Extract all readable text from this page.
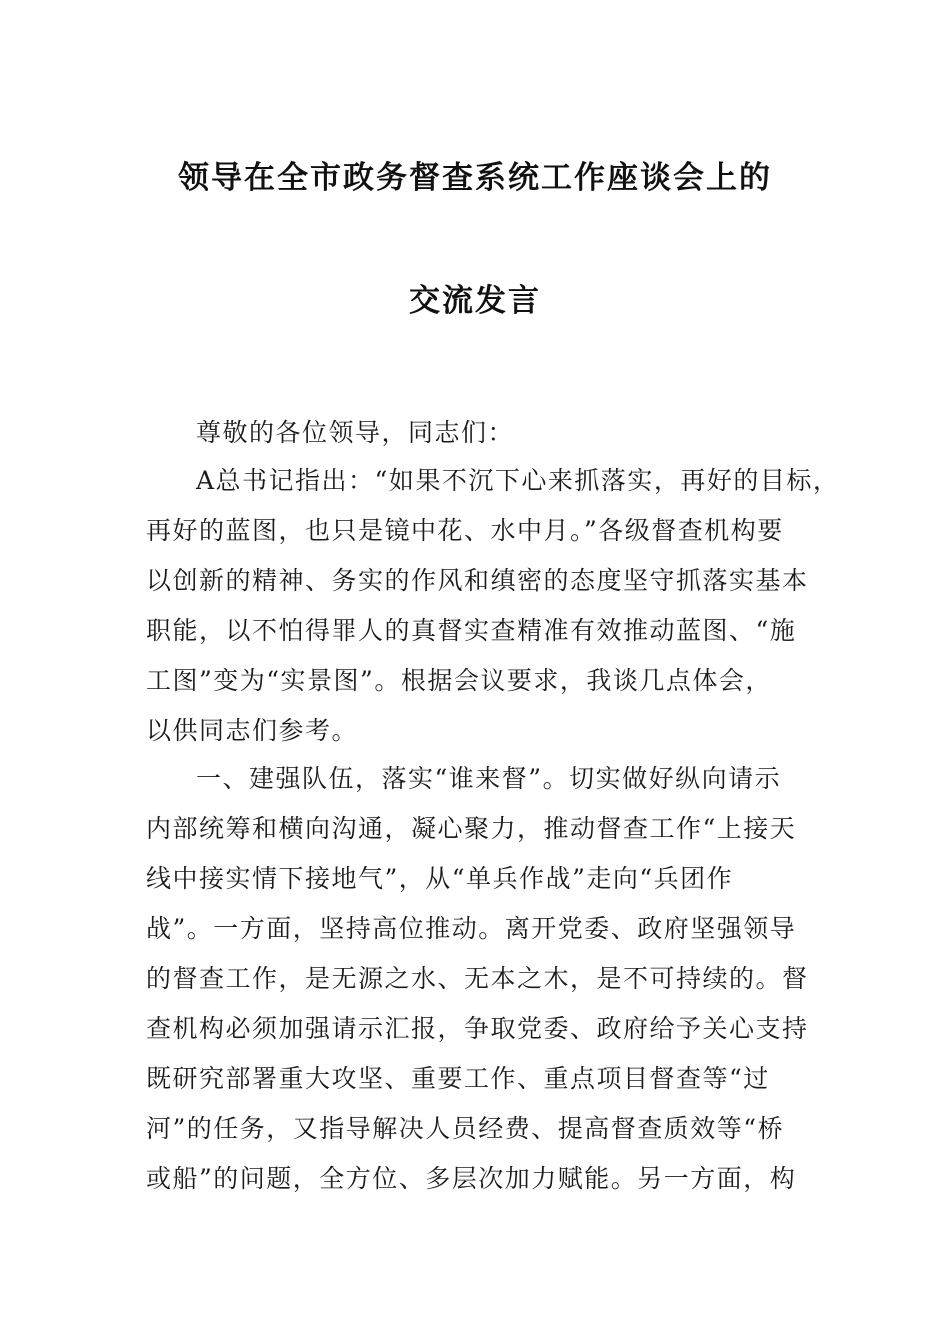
领导在全市政务督查系统工作座谈会上的
交流发言
尊敬的各位领导，同志们：
A总书记指出：“如果不沉下心来抓落实，再好的目标，
再好的蓝图，也只是镜中花、水中月。”各级督查机构要
以创新的精神、务实的作风和缜密的态度坚守抓落实基本
职能，以不怕得罪人的真督实查精准有效推动蓝图、“施
工图”变为“实景图”。根据会议要求，我谈几点体会，
以供同志们参考。
一、建强队伍，落实“谁来督”。切实做好纵向请示
内部统筹和横向沟通，凝心聚力，推动督查工作“上接天
线中接实情下接地气”，从“单兵作战”走向“兵团作
战”。一方面，坚持高位推动。离开党委、政府坚强领导
的督查工作，是无源之水、无本之木，是不可持续的。督
查机构必须加强请示汇报，争取党委、政府给予关心支持
既研究部署重大攻坚、重要工作、重点项目督查等“过
河”的任务，又指导解决人员经费、提高督查质效等“桥
或船”的问题，全方位、多层次加力赋能。另一方面，构
